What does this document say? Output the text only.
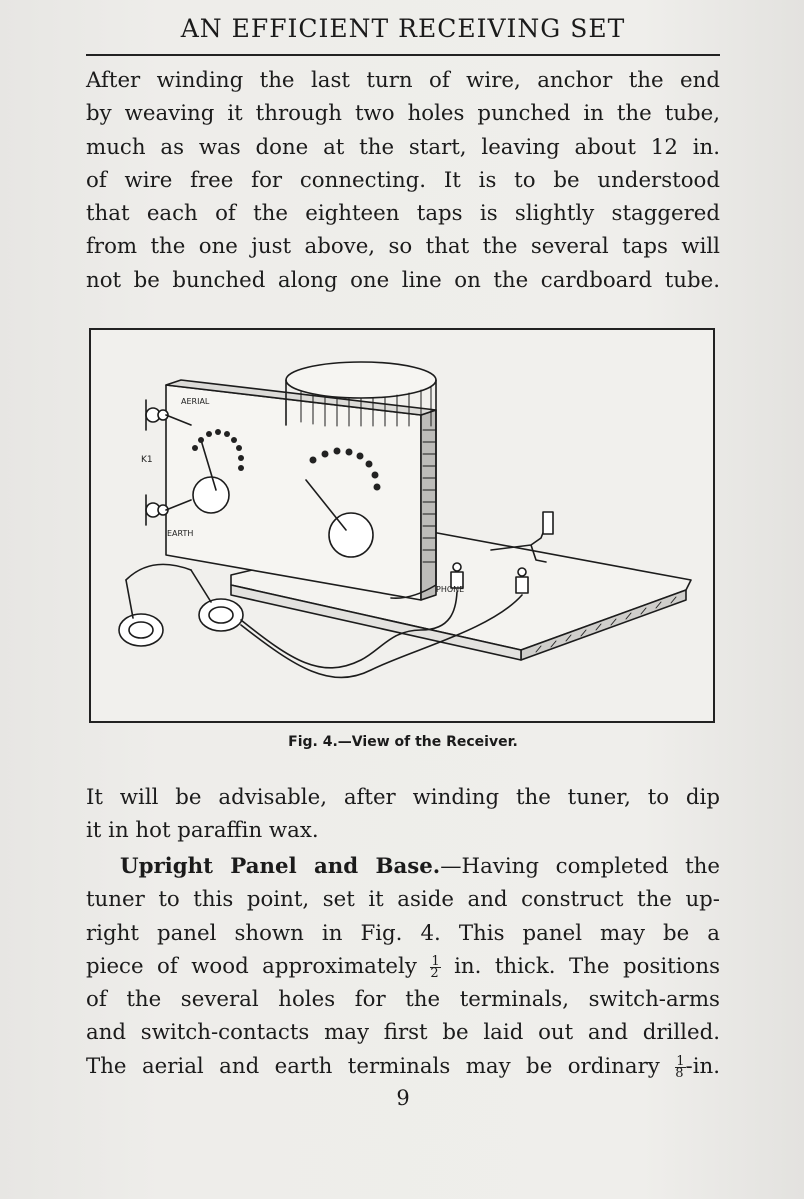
AN EFFICIENT RECEIVING SET
After winding the last turn of wire, anchor the end
by weaving it through two holes punched in the tube,
much as was done at the start, leaving about 12 in.
of wire free for connecting. It is to be understood
that each of the eighteen taps is slightly staggered
from the one just above, so that the several taps will
not be bunched along one line on the cardboard tube.
AERIAL
EARTH
PHONE
K1
Fig. 4.—View of the Receiver.
It will be advisable, after winding the tuner, to dip
it in hot paraffin wax.
Upright Panel and Base.—Having completed the
tuner to this point, set it aside and construct the up-
right panel shown in Fig. 4. This panel may be a
piece of wood approximately $\frac{1}{2}$ in. thick. The positions
of the several holes for the terminals, switch-arms
and switch-contacts may first be laid out and drilled.
The aerial and earth terminals may be ordinary $\frac{1}{8} -in$.
9
